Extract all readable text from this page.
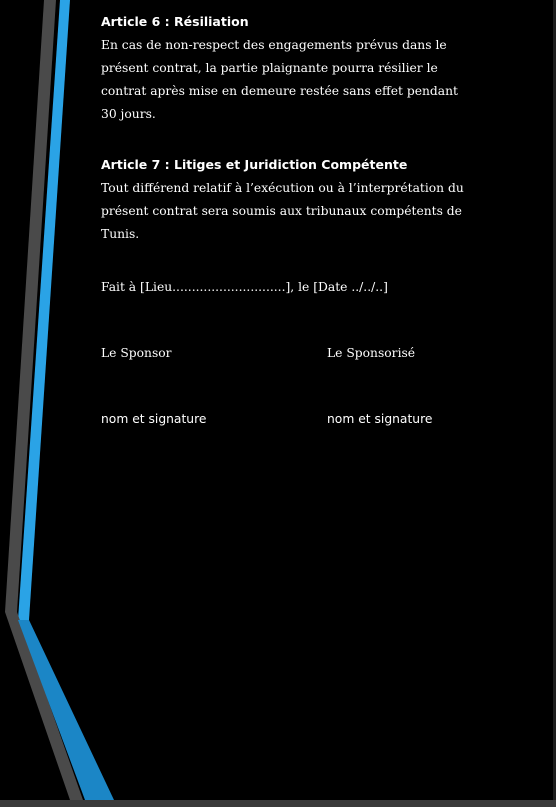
Article 6 : Résiliation
En cas de non-respect des engagements prévus dans le
présent contrat, la partie plaignante pourra résilier le
contrat après mise en demeure restée sans effet pendant
30 jours.
Article 7 : Litiges et Juridiction Compétente
Tout différend relatif à l’exécution ou à l’interprétation du
présent contrat sera soumis aux tribunaux compétents de
Tunis.
Fait à [Lieu.............................], le [Date ../../..]
Le Sponsor	Le Sponsorisé
nom et signature	nom et signature
